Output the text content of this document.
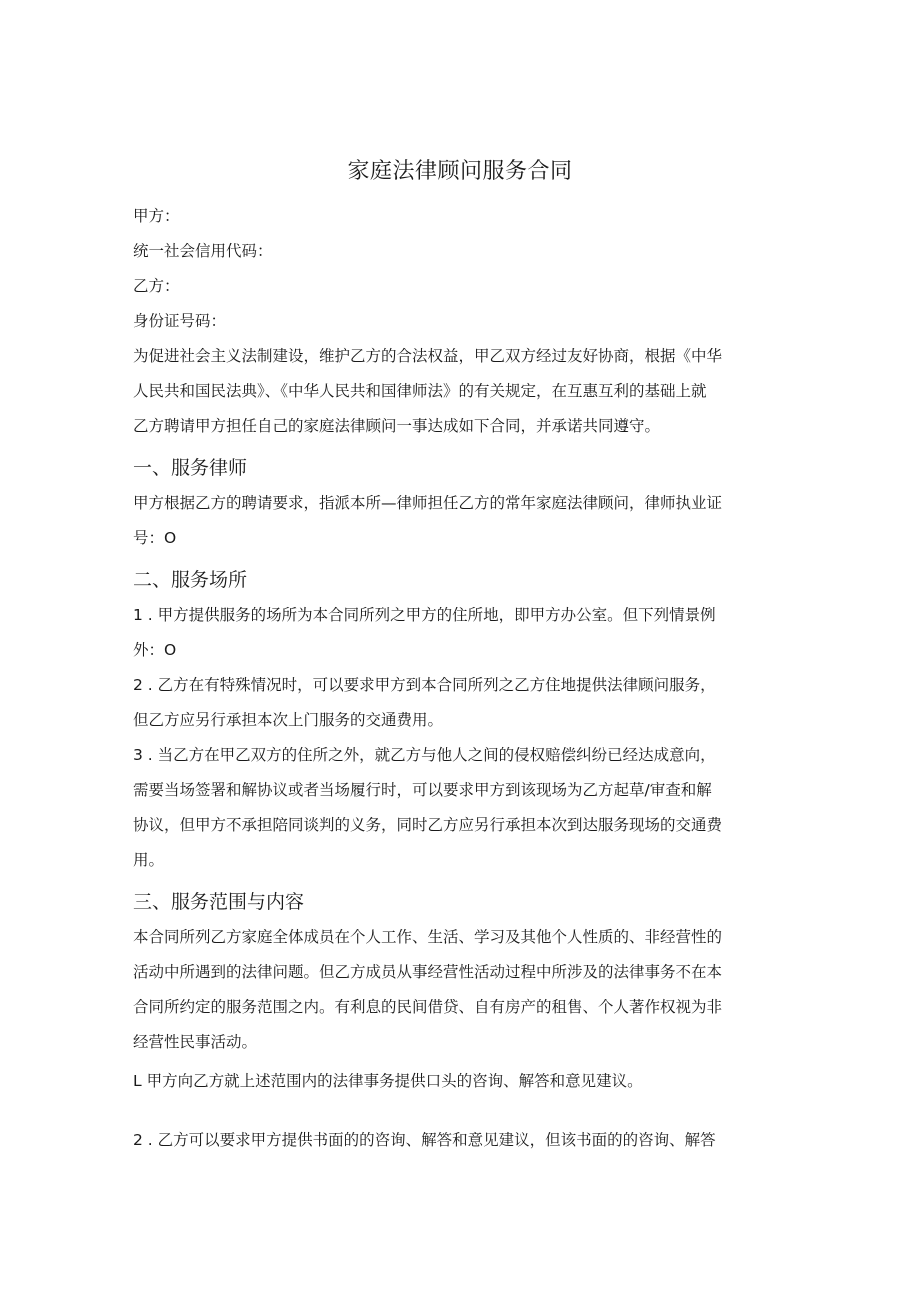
家庭法律顾问服务合同
甲方：
统一社会信用代码：
乙方：
身份证号码：
为促进社会主义法制建设，维护乙方的合法权益，甲乙双方经过友好协商，根据《中华
人民共和国民法典》、《中华人民共和国律师法》的有关规定，在互惠互利的基础上就
乙方聘请甲方担任自己的家庭法律顾问一事达成如下合同，并承诺共同遵守。
一、服务律师
甲方根据乙方的聘请要求，指派本所—律师担任乙方的常年家庭法律顾问，律师执业证
号：O
二、服务场所
1 . 甲方提供服务的场所为本合同所列之甲方的住所地，即甲方办公室。但下列情景例
外：O
2 . 乙方在有特殊情况时，可以要求甲方到本合同所列之乙方住地提供法律顾问服务，
但乙方应另行承担本次上门服务的交通费用。
3 . 当乙方在甲乙双方的住所之外，就乙方与他人之间的侵权赔偿纠纷已经达成意向，
需要当场签署和解协议或者当场履行时，可以要求甲方到该现场为乙方起草/审查和解
协议，但甲方不承担陪同谈判的义务，同时乙方应另行承担本次到达服务现场的交通费
用。
三、服务范围与内容
本合同所列乙方家庭全体成员在个人工作、生活、学习及其他个人性质的、非经营性的
活动中所遇到的法律问题。但乙方成员从事经营性活动过程中所涉及的法律事务不在本
合同所约定的服务范围之内。有利息的民间借贷、自有房产的租售、个人著作权视为非
经营性民事活动。
L 甲方向乙方就上述范围内的法律事务提供口头的咨询、解答和意见建议。
2 . 乙方可以要求甲方提供书面的的咨询、解答和意见建议，但该书面的的咨询、解答
